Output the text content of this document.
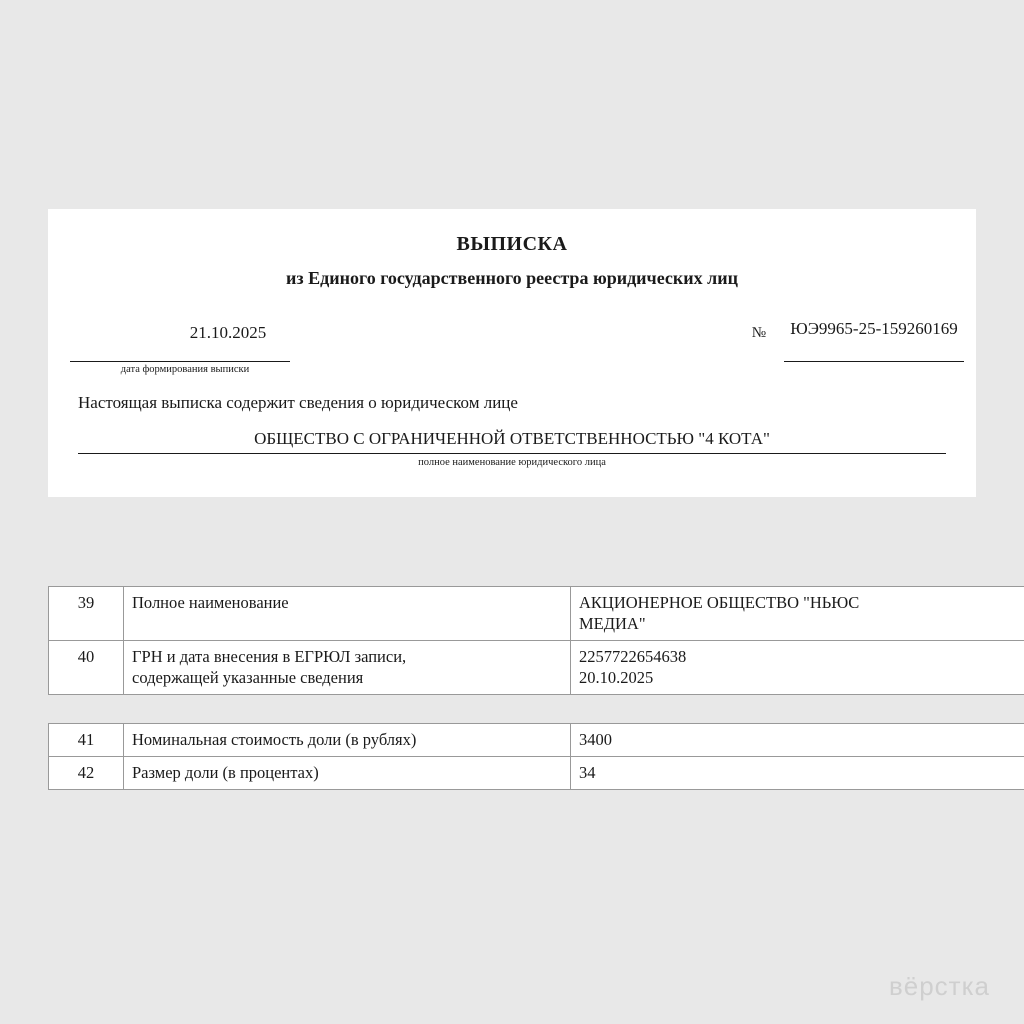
ВЫПИСКА
из Единого государственного реестра юридических лиц
21.10.2025
дата формирования выписки
№	ЮЭ9965-25-159260169
Настоящая выписка содержит сведения о юридическом лице
ОБЩЕСТВО С ОГРАНИЧЕННОЙ ОТВЕТСТВЕННОСТЬЮ "4 КОТА"
полное наименование юридического лица
39	Полное наименование	АКЦИОНЕРНОЕ ОБЩЕСТВО "НЬЮС
МЕДИА"

40	ГРН и дата внесения в ЕГРЮЛ записи,
содержащей указанные сведения	2257722654638
20.10.2025
41	Номинальная стоимость доли (в рублях)	3400
42	Размер доли (в процентах)	34
вёрстка
